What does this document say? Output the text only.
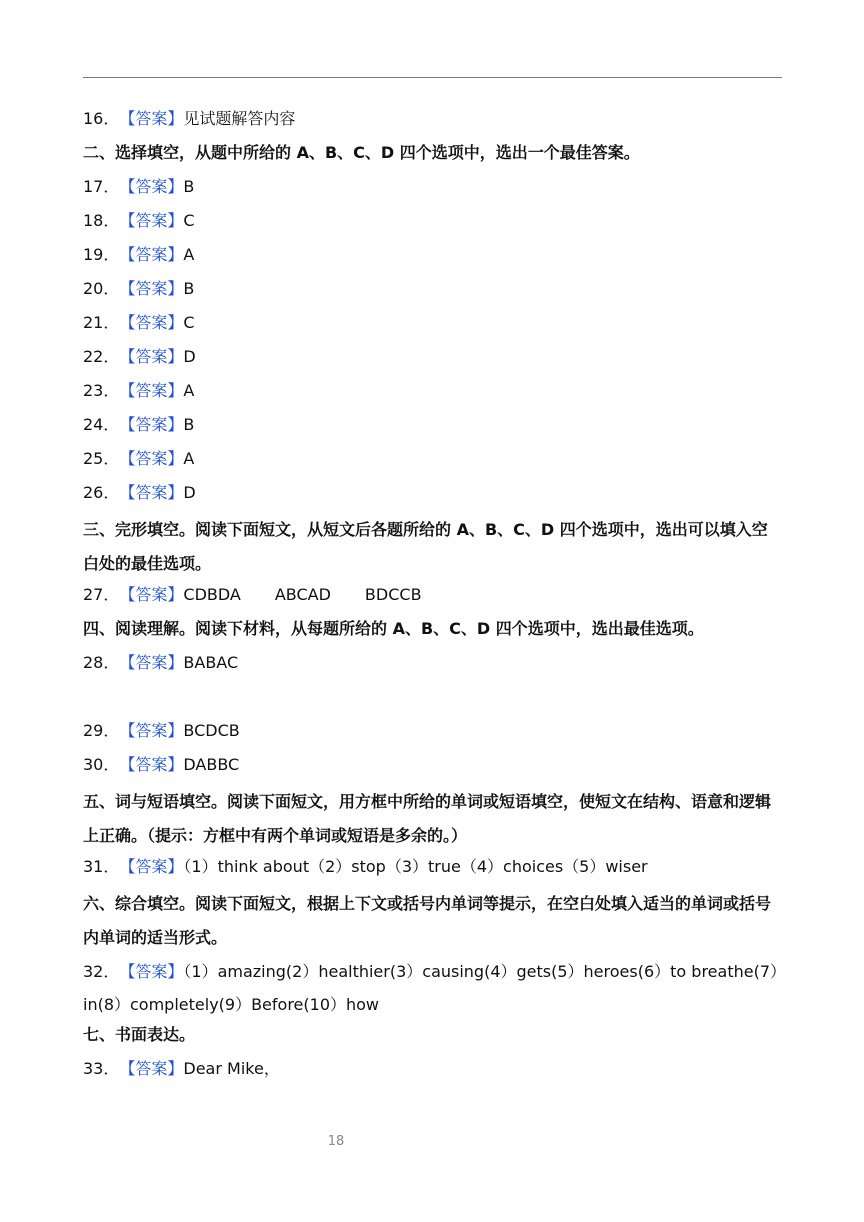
16．【答案】见试题解答内容
二、选择填空，从题中所给的 A、B、C、D 四个选项中，选出一个最佳答案。
17．【答案】B
18．【答案】C
19．【答案】A
20．【答案】B
21．【答案】C
22．【答案】D
23．【答案】A
24．【答案】B
25．【答案】A
26．【答案】D
三、完形填空。阅读下面短文，从短文后各题所给的 A、B、C、D 四个选项中，选出可以填入空白处的最佳选项。
27．【答案】CDBDA ABCAD BDCCB
四、阅读理解。阅读下材料，从每题所给的 A、B、C、D 四个选项中，选出最佳选项。
28．【答案】BABAC
29．【答案】BCDCB
30．【答案】DABBC
五、词与短语填空。阅读下面短文，用方框中所给的单词或短语填空，使短文在结构、语意和逻辑上正确。（提示：方框中有两个单词或短语是多余的。）
31．【答案】（1）think about（2）stop（3）true（4）choices（5）wiser
六、综合填空。阅读下面短文，根据上下文或括号内单词等提示，在空白处填入适当的单词或括号内单词的适当形式。
32．【答案】（1）amazing(2）healthier(3）causing(4）gets(5）heroes(6）to breathe(7）in(8）completely(9）Before(10）how
七、书面表达。
33．【答案】Dear Mike，
18
